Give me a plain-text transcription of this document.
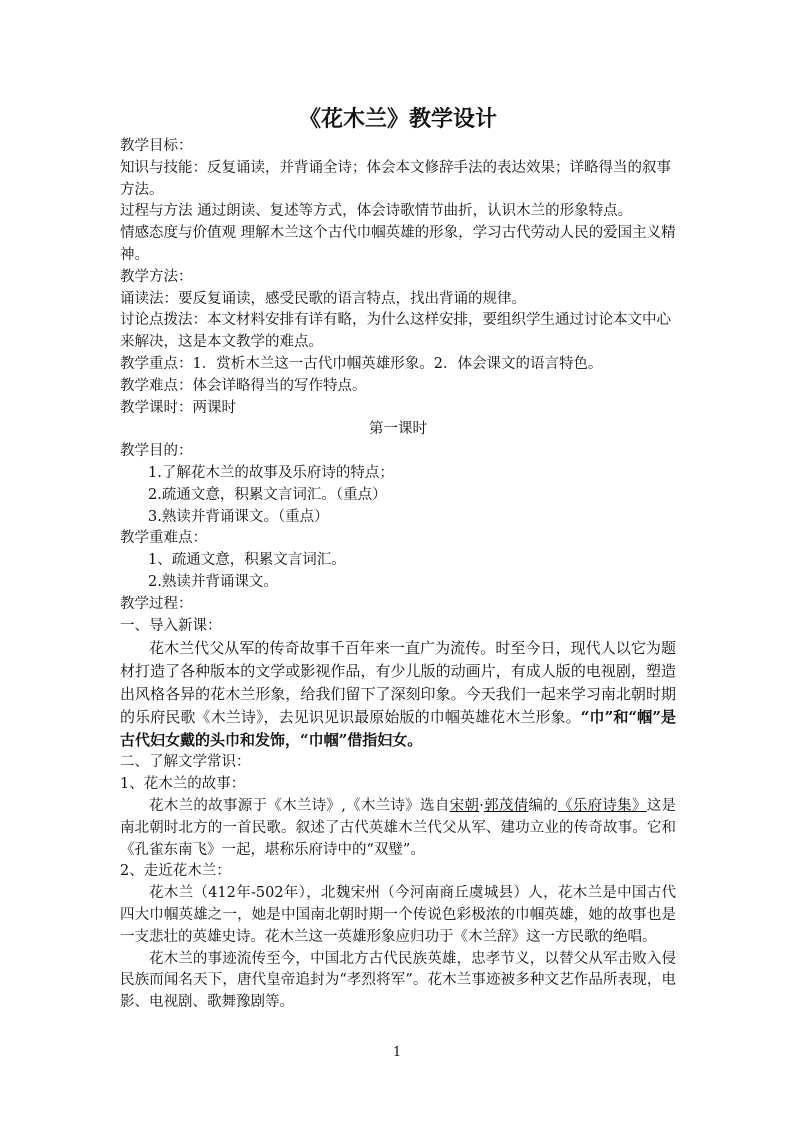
《花木兰》教学设计

教学目标：

知识与技能：反复诵读，并背诵全诗；体会本文修辞手法的表达效果；详略得当的叙事方法。

过程与方法 通过朗读、复述等方式，体会诗歌情节曲折，认识木兰的形象特点。

情感态度与价值观 理解木兰这个古代巾帼英雄的形象，学习古代劳动人民的爱国主义精神。

教学方法：

诵读法：要反复诵读，感受民歌的语言特点，找出背诵的规律。

讨论点拨法：本文材料安排有详有略，为什么这样安排，要组织学生通过讨论本文中心来解决，这是本文教学的难点。

教学重点：1．赏析木兰这一古代巾帼英雄形象。2．体会课文的语言特色。

教学难点：体会详略得当的写作特点。

教学课时：两课时

第一课时

教学目的：

1.了解花木兰的故事及乐府诗的特点；

2.疏通文意，积累文言词汇。（重点）

3.熟读并背诵课文。（重点）

教学重难点：

1、疏通文意，积累文言词汇。

2.熟读并背诵课文。

教学过程：

一、导入新课：

花木兰代父从军的传奇故事千百年来一直广为流传。时至今日，现代人以它为题材打造了各种版本的文学或影视作品，有少儿版的动画片，有成人版的电视剧，塑造出风格各异的花木兰形象，给我们留下了深刻印象。今天我们一起来学习南北朝时期的乐府民歌《木兰诗》，去见识见识最原始版的巾帼英雄花木兰形象。“巾”和“帼”是古代妇女戴的头巾和发饰，“巾帼”借指妇女。

二、了解文学常识：

1、花木兰的故事：

花木兰的故事源于《木兰诗》,《木兰诗》选自宋朝·郭茂倩编的《乐府诗集》这是南北朝时北方的一首民歌。叙述了古代英雄木兰代父从军、建功立业的传奇故事。它和《孔雀东南飞》一起，堪称乐府诗中的“双璧”。

2、走近花木兰：

花木兰（412年-502年），北魏宋州（今河南商丘虞城县）人，花木兰是中国古代四大巾帼英雄之一，她是中国南北朝时期一个传说色彩极浓的巾帼英雄，她的故事也是一支悲壮的英雄史诗。花木兰这一英雄形象应归功于《木兰辞》这一方民歌的绝唱。

花木兰的事迹流传至今，中国北方古代民族英雄，忠孝节义，以替父从军击败入侵民族而闻名天下，唐代皇帝追封为“孝烈将军”。花木兰事迹被多种文艺作品所表现，电影、电视剧、歌舞豫剧等。

1
